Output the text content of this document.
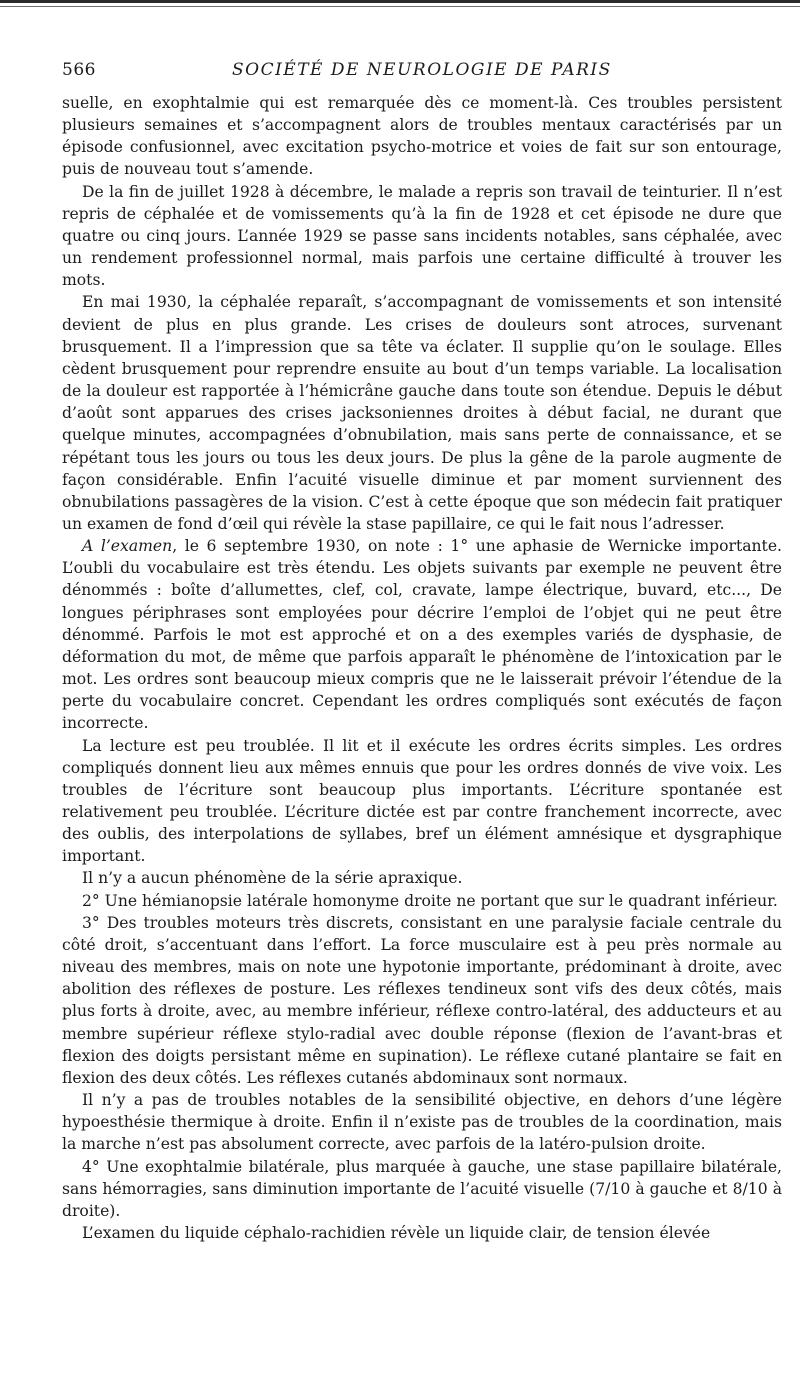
566	SOCIÉTÉ DE NEUROLOGIE DE PARIS

suelle, en exophtalmie qui est remarquée dès ce moment-là. Ces troubles persistent plusieurs semaines et s’accompagnent alors de troubles mentaux caractérisés par un épisode confusionnel, avec excitation psycho-motrice et voies de fait sur son entourage, puis de nouveau tout s’amende.

De la fin de juillet 1928 à décembre, le malade a repris son travail de teinturier. Il n’est repris de céphalée et de vomissements qu’à la fin de 1928 et cet épisode ne dure que quatre ou cinq jours. L’année 1929 se passe sans incidents notables, sans céphalée, avec un rendement professionnel normal, mais parfois une certaine difficulté à trouver les mots.

En mai 1930, la céphalée reparaît, s’accompagnant de vomissements et son intensité devient de plus en plus grande. Les crises de douleurs sont atroces, survenant brusquement. Il a l’impression que sa tête va éclater. Il supplie qu’on le soulage. Elles cèdent brusquement pour reprendre ensuite au bout d’un temps variable. La localisation de la douleur est rapportée à l’hémicrâne gauche dans toute son étendue. Depuis le début d’août sont apparues des crises jacksoniennes droites à début facial, ne durant que quelque minutes, accompagnées d’obnubilation, mais sans perte de connaissance, et se répétant tous les jours ou tous les deux jours. De plus la gêne de la parole augmente de façon considérable. Enfin l’acuité visuelle diminue et par moment surviennent des obnubilations passagères de la vision. C’est à cette époque que son médecin fait pratiquer un examen de fond d’œil qui révèle la stase papillaire, ce qui le fait nous l’adresser.

A l’examen, le 6 septembre 1930, on note : 1° une aphasie de Wernicke importante. L’oubli du vocabulaire est très étendu. Les objets suivants par exemple ne peuvent être dénommés : boîte d’allumettes, clef, col, cravate, lampe électrique, buvard, etc..., De longues périphrases sont employées pour décrire l’emploi de l’objet qui ne peut être dénommé. Parfois le mot est approché et on a des exemples variés de dysphasie, de déformation du mot, de même que parfois apparaît le phénomène de l’intoxication par le mot. Les ordres sont beaucoup mieux compris que ne le laisserait prévoir l’étendue de la perte du vocabulaire concret. Cependant les ordres compliqués sont exécutés de façon incorrecte.

La lecture est peu troublée. Il lit et il exécute les ordres écrits simples. Les ordres compliqués donnent lieu aux mêmes ennuis que pour les ordres donnés de vive voix. Les troubles de l’écriture sont beaucoup plus importants. L’écriture spontanée est relativement peu troublée. L’écriture dictée est par contre franchement incorrecte, avec des oublis, des interpolations de syllabes, bref un élément amnésique et dysgraphique important.

Il n’y a aucun phénomène de la série apraxique.

2° Une hémianopsie latérale homonyme droite ne portant que sur le quadrant inférieur.

3° Des troubles moteurs très discrets, consistant en une paralysie faciale centrale du côté droit, s’accentuant dans l’effort. La force musculaire est à peu près normale au niveau des membres, mais on note une hypotonie importante, prédominant à droite, avec abolition des réflexes de posture. Les réflexes tendineux sont vifs des deux côtés, mais plus forts à droite, avec, au membre inférieur, réflexe contro-latéral, des adducteurs et au membre supérieur réflexe stylo-radial avec double réponse (flexion de l’avant-bras et flexion des doigts persistant même en supination). Le réflexe cutané plantaire se fait en flexion des deux côtés. Les réflexes cutanés abdominaux sont normaux.

Il n’y a pas de troubles notables de la sensibilité objective, en dehors d’une légère hypoesthésie thermique à droite. Enfin il n’existe pas de troubles de la coordination, mais la marche n’est pas absolument correcte, avec parfois de la latéro-pulsion droite.

4° Une exophtalmie bilatérale, plus marquée à gauche, une stase papillaire bilatérale, sans hémorragies, sans diminution importante de l’acuité visuelle (7/10 à gauche et 8/10 à droite).

L’examen du liquide céphalo-rachidien révèle un liquide clair, de tension élevée
